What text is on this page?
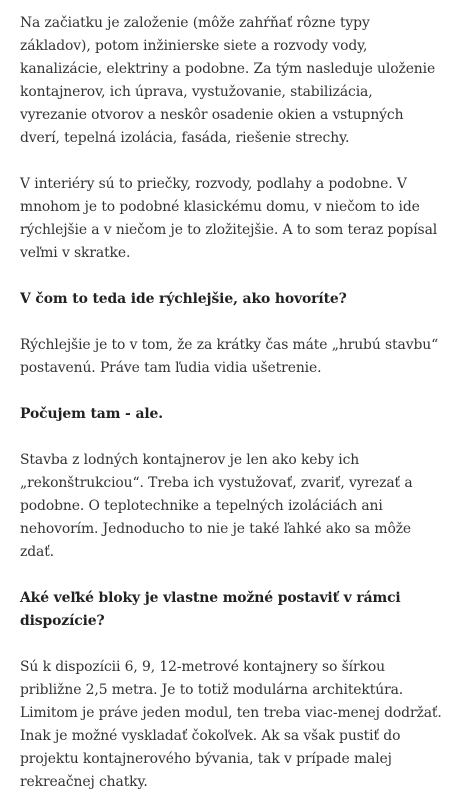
Na začiatku je založenie (môže zahŕňať rôzne typy základov), potom inžinierske siete a rozvody vody, kanalizácie, elektriny a podobne. Za tým nasleduje uloženie kontajnerov, ich úprava, vystužovanie, stabilizácia, vyrezanie otvorov a neskôr osadenie okien a vstupných dverí, tepelná izolácia, fasáda, riešenie strechy.

V interiéry sú to priečky, rozvody, podlahy a podobne. V mnohom je to podobné klasickému domu, v niečom to ide rýchlejšie a v niečom je to zložitejšie. A to som teraz popísal veľmi v skratke.

V čom to teda ide rýchlejšie, ako hovoríte?

Rýchlejšie je to v tom, že za krátky čas máte „hrubú stavbu“ postavenú. Práve tam ľudia vidia ušetrenie.

Počujem tam - ale.

Stavba z lodných kontajnerov je len ako keby ich „rekonštrukciou“. Treba ich vystužovať, zvariť, vyrezať a podobne. O teplotechnike a tepelných izoláciách ani nehovorím. Jednoducho to nie je také ľahké ako sa môže zdať.

Aké veľké bloky je vlastne možné postaviť v rámci dispozície?

Sú k dispozícii 6, 9, 12-metrové kontajnery so šírkou približne 2,5 metra. Je to totiž modulárna architektúra. Limitom je práve jeden modul, ten treba viac-menej dodržať. Inak je možné vyskladať čokoľvek. Ak sa však pustiť do projektu kontajnerového bývania, tak v prípade malej rekreačnej chatky.
